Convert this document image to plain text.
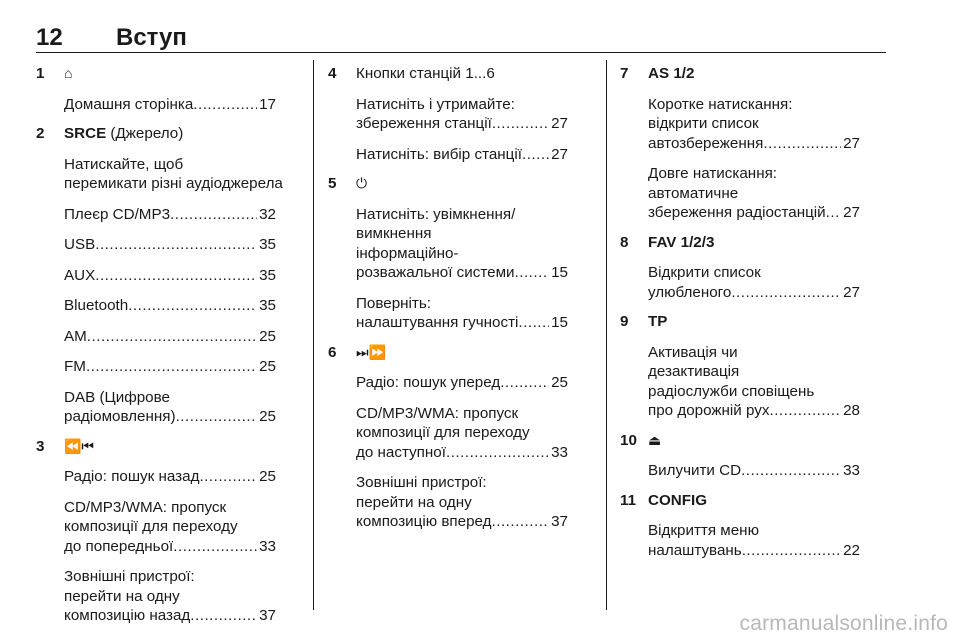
12 Вступ
1 ⌂
Домашня сторінка .....	17
2 SRCE (Джерело)
Натискайте, щоб
перемикати різні аудіоджерела
Плеєр CD/MP3 .....	32
USB .....	35
AUX .....	35
Bluetooth .....	35
AM .....	25
FM .....	25
DAB (Цифрове
радіомовлення) .....	25
3 ⏪⏮
Радіо: пошук назад .....	25
CD/MP3/WMA: пропуск
композиції для переходу
до попередньої .....	33
Зовнішні пристрої:
перейти на одну
композицію назад .....	37
4 Кнопки станцій 1...6
Натисніть і утримайте:
збереження станції .....	27
Натисніть: вибір станції ..... 27
5 ⏻
Натисніть: увімкнення/
вимкнення
інформаційно-
розважальної системи ..... 15
Поверніть:
налаштування гучності ..... 15
6 ⏭⏩
Радіо: пошук уперед .....	25
CD/MP3/WMA: пропуск
композиції для переходу
до наступної .....	33
Зовнішні пристрої:
перейти на одну
композицію вперед .....	37
7 AS 1/2
Коротке натискання:
відкрити список
автозбереження .....	27
Довге натискання:
автоматичне
збереження радіостанцій ..... 27
8 FAV 1/2/3
Відкрити список
улюбленого .....	27
9 TP
Активація чи
дезактивація
радіослужби сповіщень
про дорожній рух .....	28
10 ⏏
Вилучити CD .....	33
11 CONFIG
Відкриття меню
налаштувань .....	22
carmanualsonline.info
